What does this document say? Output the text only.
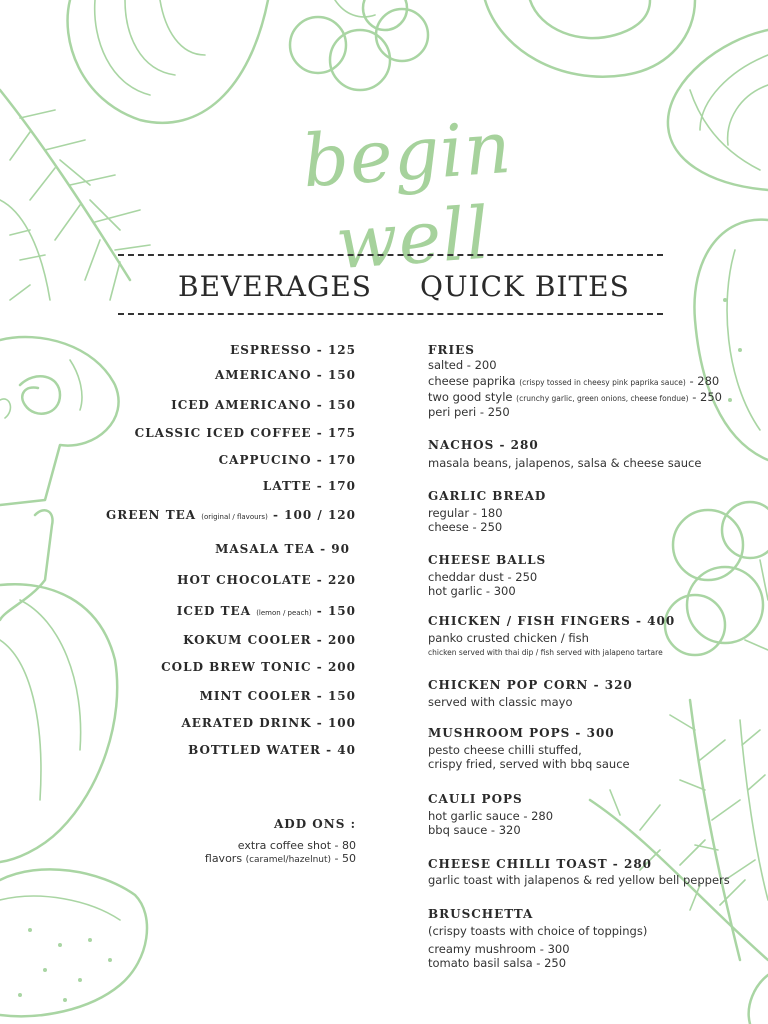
begin well
BEVERAGES QUICK BITES
ESPRESSO - 125
AMERICANO - 150
ICED AMERICANO - 150
CLASSIC ICED COFFEE - 175
CAPPUCINO - 170
LATTE - 170
GREEN TEA (original / flavours) - 100 / 120
MASALA TEA - 90
HOT CHOCOLATE - 220
ICED TEA (lemon / peach) - 150
KOKUM COOLER - 200
COLD BREW TONIC - 200
MINT COOLER - 150
AERATED DRINK - 100
BOTTLED WATER - 40
ADD ONS :
extra coffee shot - 80
flavors (caramel/hazelnut) - 50
FRIES
salted - 200
cheese paprika (crispy tossed in cheesy pink paprika sauce) - 280
two good style (crunchy garlic, green onions, cheese fondue) - 250
peri peri - 250
NACHOS - 280
masala beans, jalapenos, salsa & cheese sauce
GARLIC BREAD
regular - 180
cheese - 250
CHEESE BALLS
cheddar dust - 250
hot garlic - 300
CHICKEN / FISH FINGERS - 400
panko crusted chicken / fish
chicken served with thai dip / fish served with jalapeno tartare
CHICKEN POP CORN - 320
served with classic mayo
MUSHROOM POPS - 300
pesto cheese chilli stuffed,
crispy fried, served with bbq sauce
CAULI POPS
hot garlic sauce - 280
bbq sauce - 320
CHEESE CHILLI TOAST - 280
garlic toast with jalapenos & red yellow bell peppers
BRUSCHETTA
(crispy toasts with choice of toppings)
creamy mushroom - 300
tomato basil salsa - 250
